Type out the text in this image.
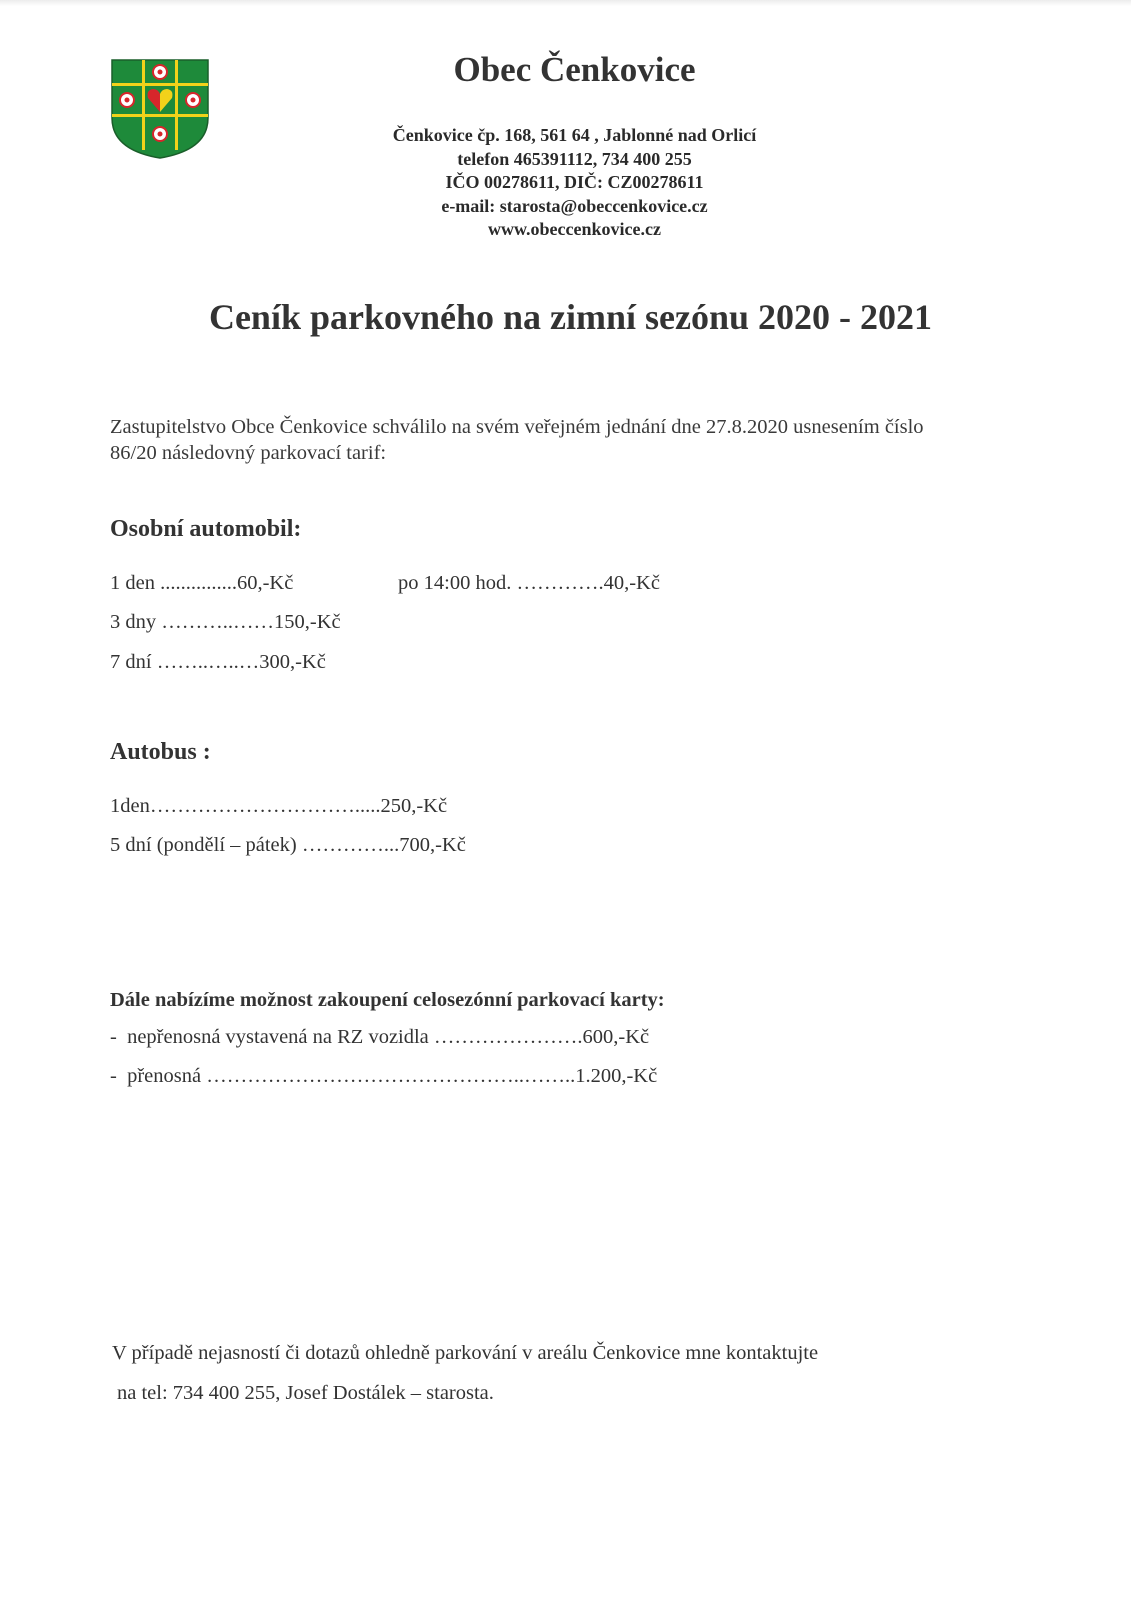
Obec Čenkovice
Čenkovice čp. 168, 561 64 , Jablonné nad Orlicí
telefon 465391112, 734 400 255
IČO 00278611, DIČ: CZ00278611
e-mail: starosta@obeccenkovice.cz
www.obeccenkovice.cz
Ceník parkovného na zimní sezónu 2020 - 2021
Zastupitelstvo Obce Čenkovice schválilo na svém veřejném jednání dne 27.8.2020 usnesením číslo
86/20 následovný parkovací tarif:
Osobní automobil:
1 den ...............60,-Kč	po 14:00 hod. ………….40,-Kč
3 dny ………..……150,-Kč
7 dní ……..…..…300,-Kč
Autobus :
1den………………………….....250,-Kč
5 dní (pondělí – pátek) …………...700,-Kč
Dále nabízíme možnost zakoupení celosezónní parkovací karty:
-  nepřenosná vystavená na RZ vozidla ………………….600,-Kč
-  přenosná ………………………………………..……..1.200,-Kč
V případě nejasností či dotazů ohledně parkování v areálu Čenkovice mne kontaktujte
na tel: 734 400 255, Josef Dostálek – starosta.
